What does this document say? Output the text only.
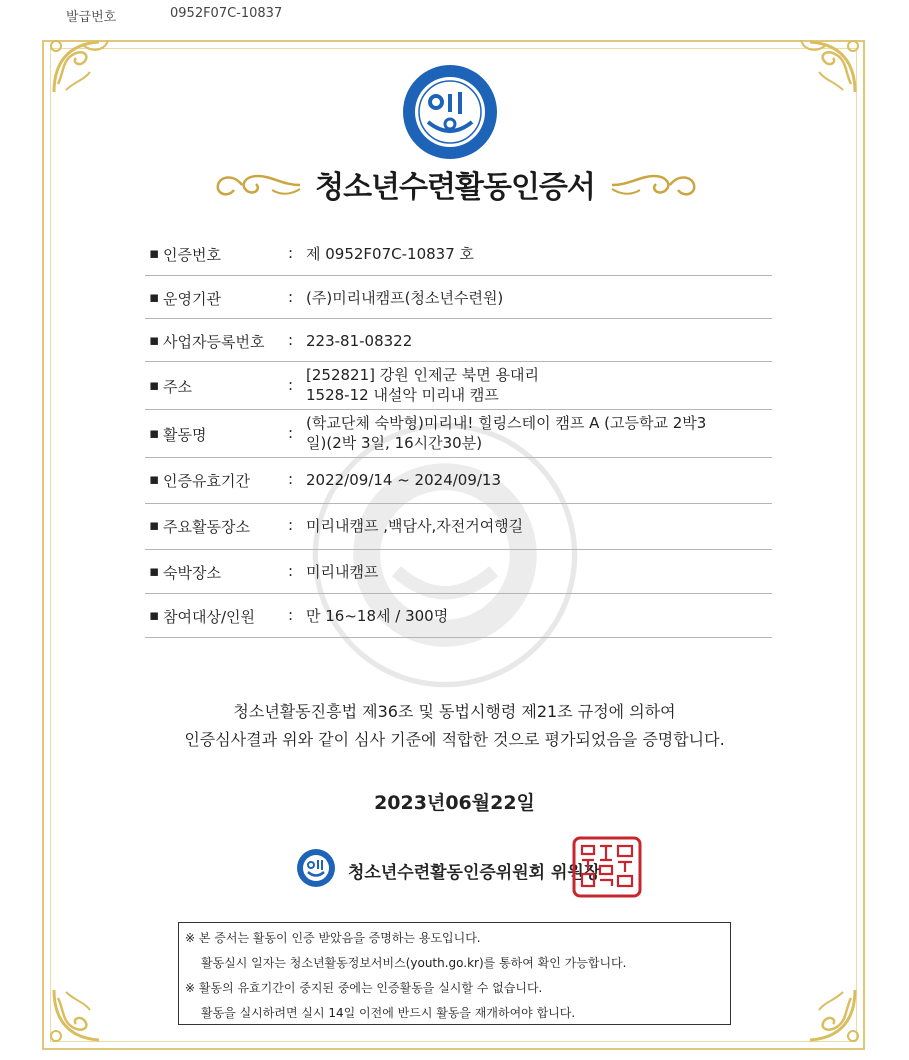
발급번호	0952F07C-10837
청소년수련활동인증서
▪ 인증번호	: 제 0952F07C-10837 호
▪ 운영기관	: (주)미리내캠프(청소년수련원)
▪ 사업자등록번호 : 223-81-08322
▪ 주소	:
[252821] 강원 인제군 북면 용대리
1528-12 내설악 미리내 캠프
▪ 활동명	:
(학교단체 숙박형)미리내! 힐링스테이 캠프 A (고등학교 2박3
일)(2박 3일, 16시간30분)
▪ 인증유효기간	: 2022/09/14 ~ 2024/09/13
▪ 주요활동장소	: 미리내캠프 ,백담사,자전거여행길
▪ 숙박장소	: 미리내캠프
▪ 참여대상/인원 : 만 16~18세 / 300명
청소년활동진흥법 제36조 및 동법시행령 제21조 규정에 의하여
인증심사결과 위와 같이 심사 기준에 적합한 것으로 평가되었음을 증명합니다.
2023년06월22일
청소년수련활동인증위원회 위원장
※ 본 증서는 활동이 인증 받았음을 증명하는 용도입니다.
활동실시 일자는 청소년활동정보서비스(youth.go.kr)를 통하여 확인 가능합니다.
※ 활동의 유효기간이 중지된 중에는 인증활동을 실시할 수 없습니다.
활동을 실시하려면 실시 14일 이전에 반드시 활동을 재개하여야 합니다.
